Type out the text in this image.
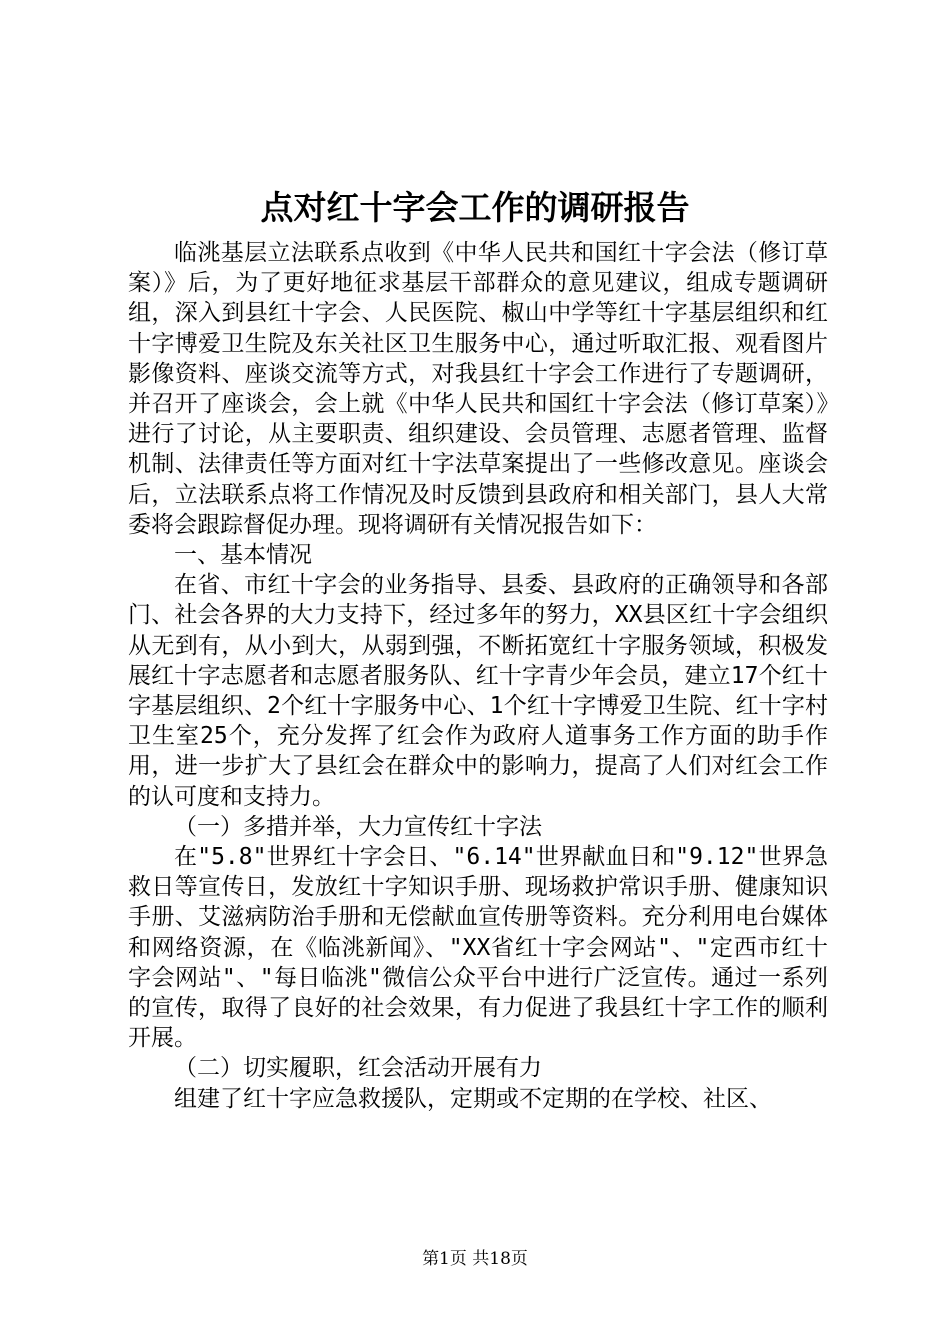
点对红十字会工作的调研报告

临洮基层立法联系点收到《中华人民共和国红十字会法（修订草案）》后，为了更好地征求基层干部群众的意见建议，组成专题调研组，深入到县红十字会、人民医院、椒山中学等红十字基层组织和红十字博爱卫生院及东关社区卫生服务中心，通过听取汇报、观看图片影像资料、座谈交流等方式，对我县红十字会工作进行了专题调研，并召开了座谈会，会上就《中华人民共和国红十字会法（修订草案）》进行了讨论，从主要职责、组织建设、会员管理、志愿者管理、监督机制、法律责任等方面对红十字法草案提出了一些修改意见。座谈会后，立法联系点将工作情况及时反馈到县政府和相关部门，县人大常委将会跟踪督促办理。现将调研有关情况报告如下：

一、基本情况

在省、市红十字会的业务指导、县委、县政府的正确领导和各部门、社会各界的大力支持下，经过多年的努力，XX县区红十字会组织从无到有，从小到大，从弱到强，不断拓宽红十字服务领域，积极发展红十字志愿者和志愿者服务队、红十字青少年会员，建立17个红十字基层组织、2个红十字服务中心、1个红十字博爱卫生院、红十字村卫生室25个，充分发挥了红会作为政府人道事务工作方面的助手作用，进一步扩大了县红会在群众中的影响力，提高了人们对红会工作的认可度和支持力。

（一）多措并举，大力宣传红十字法

在"5.8"世界红十字会日、"6.14"世界献血日和"9.12"世界急救日等宣传日，发放红十字知识手册、现场救护常识手册、健康知识手册、艾滋病防治手册和无偿献血宣传册等资料。充分利用电台媒体和网络资源，在《临洮新闻》、"XX省红十字会网站"、"定西市红十字会网站"、"每日临洮"微信公众平台中进行广泛宣传。通过一系列的宣传，取得了良好的社会效果，有力促进了我县红十字工作的顺利开展。

（二）切实履职，红会活动开展有力

组建了红十字应急救援队，定期或不定期的在学校、社区、

第1页 共18页
